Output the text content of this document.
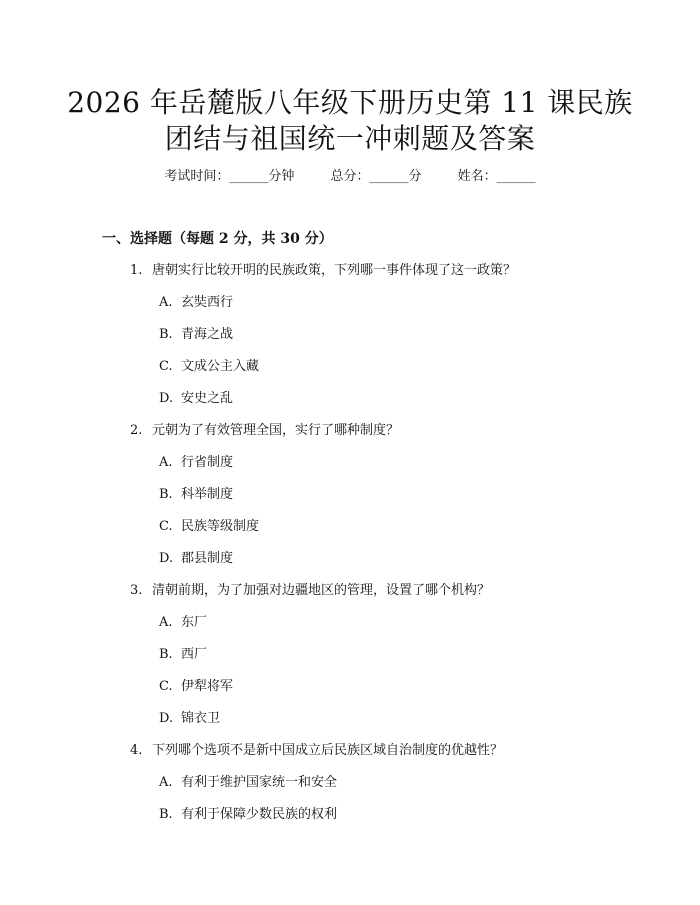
2026 年岳麓版八年级下册历史第 11 课民族
团结与祖国统一冲刺题及答案
考试时间：______分钟	总分：______分	姓名：______
一、选择题（每题 2 分，共 30 分）
1. 唐朝实行比较开明的民族政策，下列哪一事件体现了这一政策？
A. 玄奘西行
B. 青海之战
C. 文成公主入藏
D. 安史之乱
2. 元朝为了有效管理全国，实行了哪种制度？
A. 行省制度
B. 科举制度
C. 民族等级制度
D. 郡县制度
3. 清朝前期，为了加强对边疆地区的管理，设置了哪个机构？
A. 东厂
B. 西厂
C. 伊犁将军
D. 锦衣卫
4. 下列哪个选项不是新中国成立后民族区域自治制度的优越性？
A. 有利于维护国家统一和安全
B. 有利于保障少数民族的权利
